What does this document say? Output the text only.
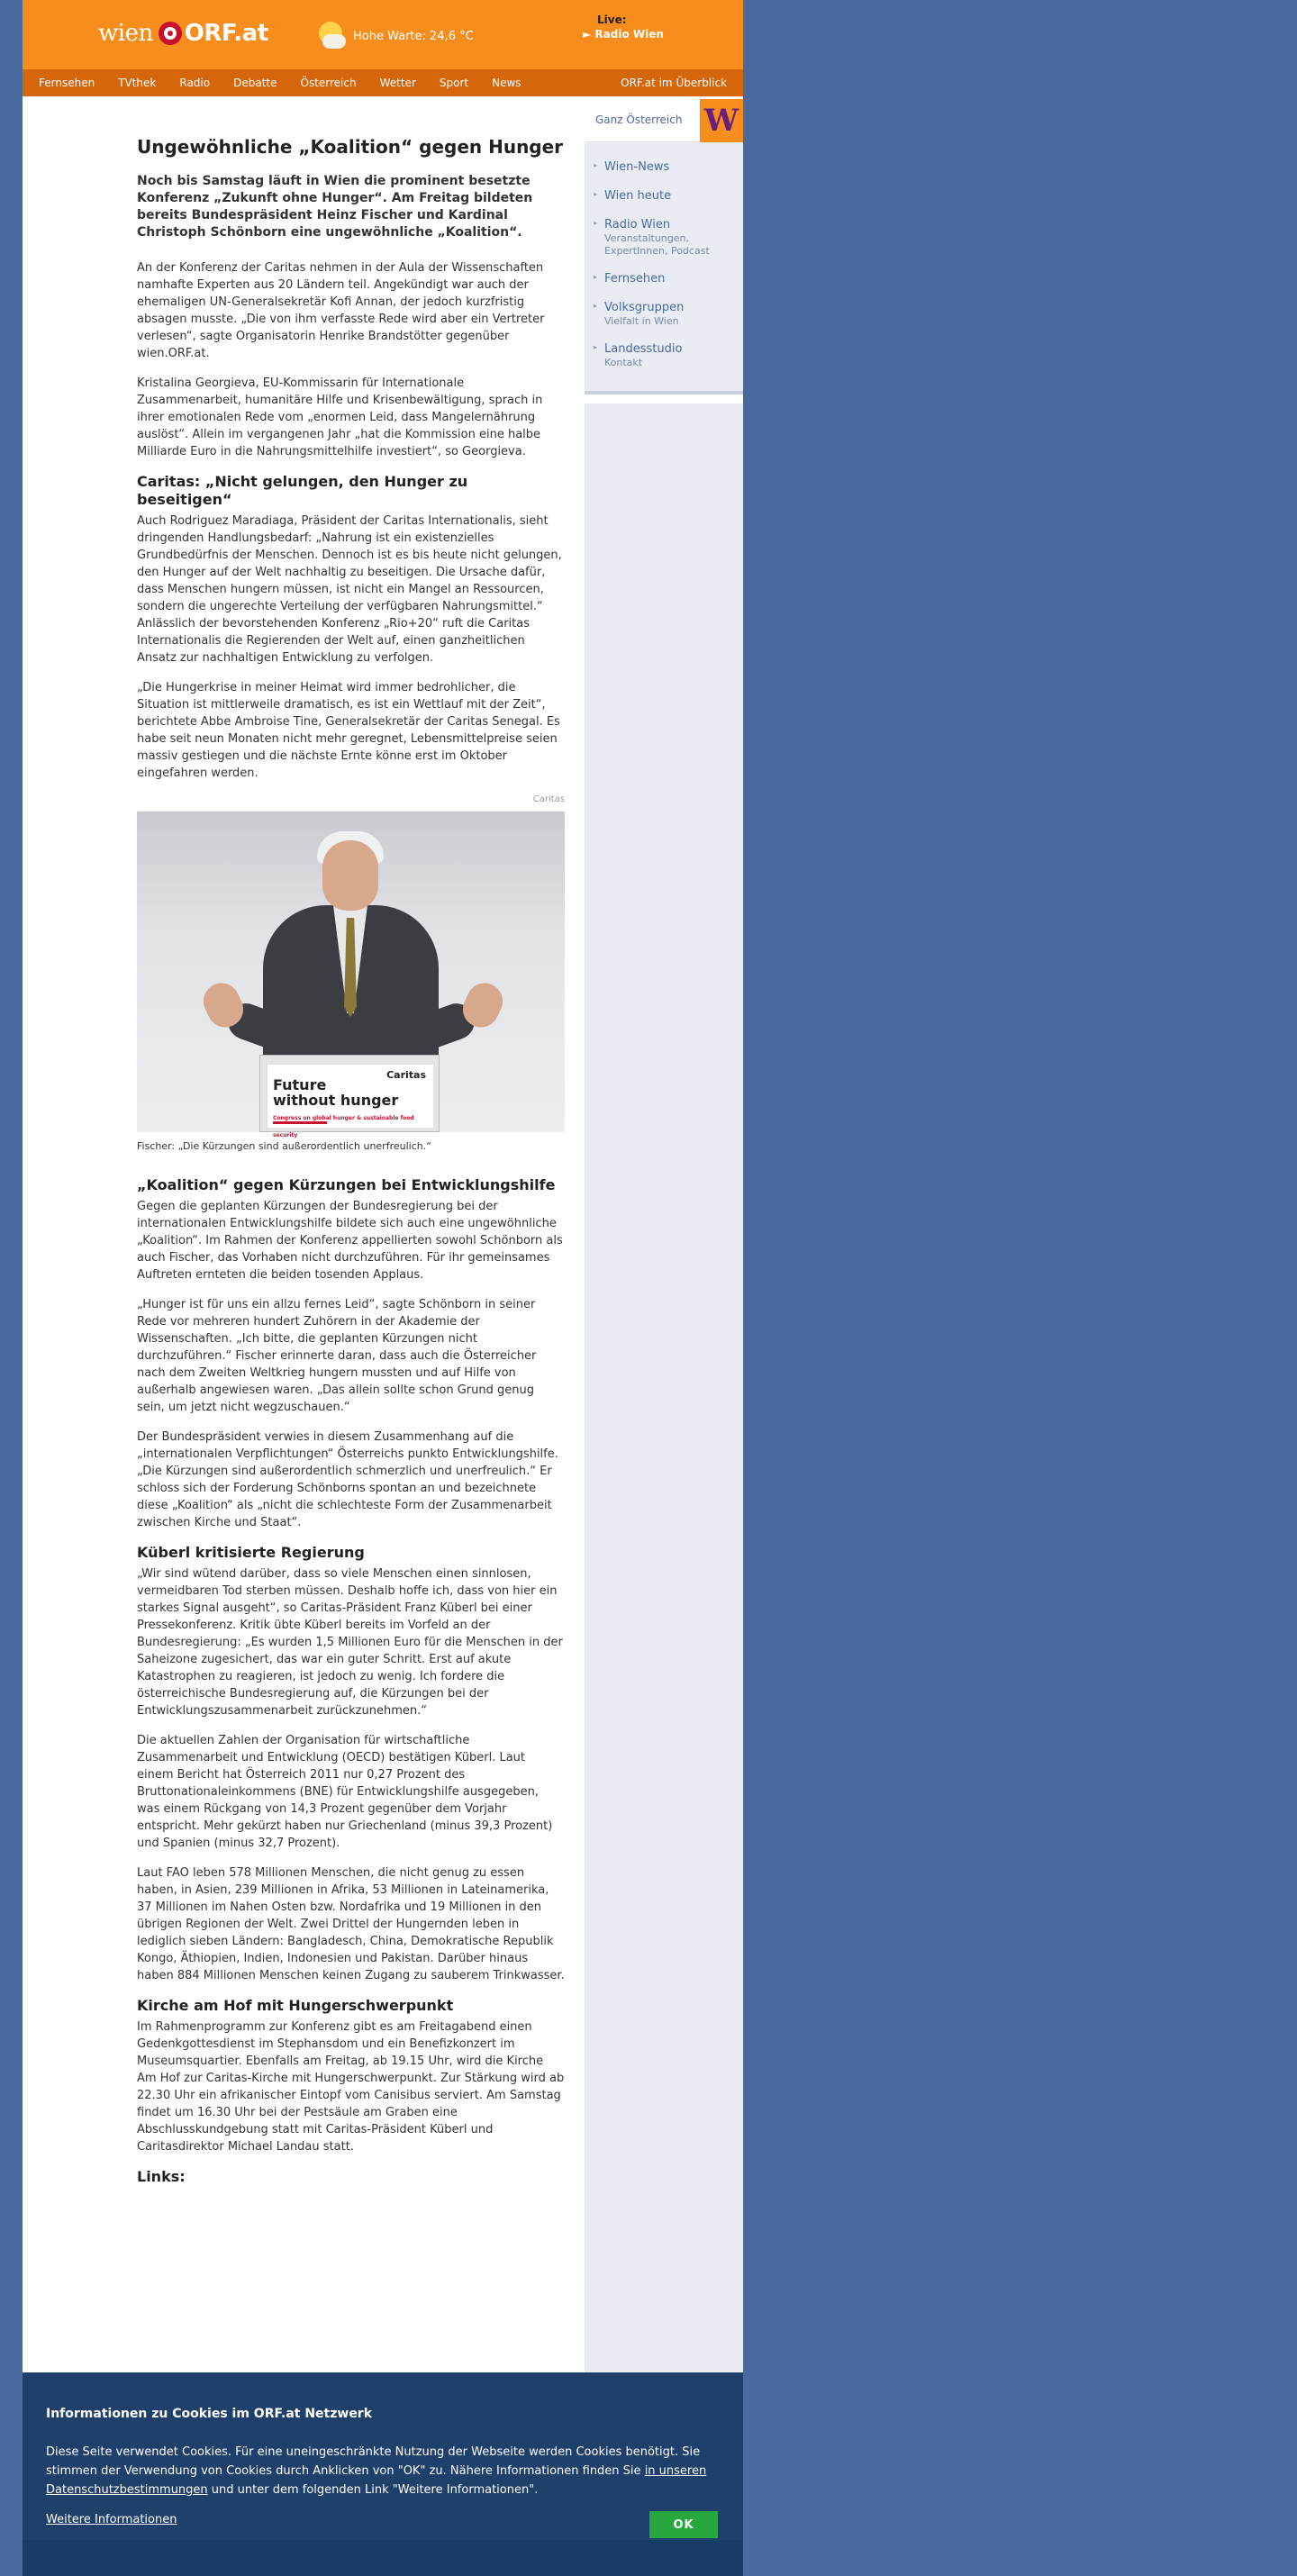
wien ORF.at	Hohe Warte: 24,6 °C
Live:
► Radio Wien
Fernsehen TVthek Radio Debatte Österreich Wetter Sport News	ORF.at im Überblick
Ganz Österreich W
▸ Wien-News
▸ Wien heute
▸ Radio Wien
Veranstaltungen, ExpertInnen, Podcast
▸ Fernsehen
▸ Volksgruppen
Vielfalt in Wien
▸ Landesstudio
Kontakt
Ungewöhnliche „Koalition“ gegen Hunger
Noch bis Samstag läuft in Wien die prominent besetzte Konferenz „Zukunft ohne Hunger“. Am Freitag bildeten bereits Bundespräsident Heinz Fischer und Kardinal Christoph Schönborn eine ungewöhnliche „Koalition“.

An der Konferenz der Caritas nehmen in der Aula der Wissenschaften namhafte Experten aus 20 Ländern teil. Angekündigt war auch der ehemaligen UN-Generalsekretär Kofi Annan, der jedoch kurzfristig absagen musste. „Die von ihm verfasste Rede wird aber ein Vertreter verlesen“, sagte Organisatorin Henrike Brandstötter gegenüber wien.ORF.at.

Kristalina Georgieva, EU-Kommissarin für Internationale Zusammenarbeit, humanitäre Hilfe und Krisenbewältigung, sprach in ihrer emotionalen Rede vom „enormen Leid, dass Mangelernährung auslöst“. Allein im vergangenen Jahr „hat die Kommission eine halbe Milliarde Euro in die Nahrungsmittelhilfe investiert“, so Georgieva.

Caritas: „Nicht gelungen, den Hunger zu beseitigen“

Auch Rodriguez Maradiaga, Präsident der Caritas Internationalis, sieht dringenden Handlungsbedarf: „Nahrung ist ein existenzielles Grundbedürfnis der Menschen. Dennoch ist es bis heute nicht gelungen, den Hunger auf der Welt nachhaltig zu beseitigen. Die Ursache dafür, dass Menschen hungern müssen, ist nicht ein Mangel an Ressourcen, sondern die ungerechte Verteilung der verfügbaren Nahrungsmittel.“ Anlässlich der bevorstehenden Konferenz „Rio+20“ ruft die Caritas Internationalis die Regierenden der Welt auf, einen ganzheitlichen Ansatz zur nachhaltigen Entwicklung zu verfolgen.

„Die Hungerkrise in meiner Heimat wird immer bedrohlicher, die Situation ist mittlerweile dramatisch, es ist ein Wettlauf mit der Zeit“, berichtete Abbe Ambroise Tine, Generalsekretär der Caritas Senegal. Es habe seit neun Monaten nicht mehr geregnet, Lebensmittelpreise seien massiv gestiegen und die nächste Ernte könne erst im Oktober eingefahren werden.

Caritas
Caritas
Future
without hunger
Congress on global hunger & sustainable food security
Fischer: „Die Kürzungen sind außerordentlich unerfreulich.“
„Koalition“ gegen Kürzungen bei Entwicklungshilfe

Gegen die geplanten Kürzungen der Bundesregierung bei der internationalen Entwicklungshilfe bildete sich auch eine ungewöhnliche „Koalition“. Im Rahmen der Konferenz appellierten sowohl Schönborn als auch Fischer, das Vorhaben nicht durchzuführen. Für ihr gemeinsames Auftreten ernteten die beiden tosenden Applaus.

„Hunger ist für uns ein allzu fernes Leid“, sagte Schönborn in seiner Rede vor mehreren hundert Zuhörern in der Akademie der Wissenschaften. „Ich bitte, die geplanten Kürzungen nicht durchzuführen.“ Fischer erinnerte daran, dass auch die Österreicher nach dem Zweiten Weltkrieg hungern mussten und auf Hilfe von außerhalb angewiesen waren. „Das allein sollte schon Grund genug sein, um jetzt nicht wegzuschauen.“

Der Bundespräsident verwies in diesem Zusammenhang auf die „internationalen Verpflichtungen“ Österreichs punkto Entwicklungshilfe. „Die Kürzungen sind außerordentlich schmerzlich und unerfreulich.“ Er schloss sich der Forderung Schönborns spontan an und bezeichnete diese „Koalition“ als „nicht die schlechteste Form der Zusammenarbeit zwischen Kirche und Staat“.

Küberl kritisierte Regierung

„Wir sind wütend darüber, dass so viele Menschen einen sinnlosen, vermeidbaren Tod sterben müssen. Deshalb hoffe ich, dass von hier ein starkes Signal ausgeht“, so Caritas-Präsident Franz Küberl bei einer Pressekonferenz. Kritik übte Küberl bereits im Vorfeld an der Bundesregierung: „Es wurden 1,5 Millionen Euro für die Menschen in der Saheizone zugesichert, das war ein guter Schritt. Erst auf akute Katastrophen zu reagieren, ist jedoch zu wenig. Ich fordere die österreichische Bundesregierung auf, die Kürzungen bei der Entwicklungszusammenarbeit zurückzunehmen.“

Die aktuellen Zahlen der Organisation für wirtschaftliche Zusammenarbeit und Entwicklung (OECD) bestätigen Küberl. Laut einem Bericht hat Österreich 2011 nur 0,27 Prozent des Bruttonationaleinkommens (BNE) für Entwicklungshilfe ausgegeben, was einem Rückgang von 14,3 Prozent gegenüber dem Vorjahr entspricht. Mehr gekürzt haben nur Griechenland (minus 39,3 Prozent) und Spanien (minus 32,7 Prozent).

Laut FAO leben 578 Millionen Menschen, die nicht genug zu essen haben, in Asien, 239 Millionen in Afrika, 53 Millionen in Lateinamerika, 37 Millionen im Nahen Osten bzw. Nordafrika und 19 Millionen in den übrigen Regionen der Welt. Zwei Drittel der Hungernden leben in lediglich sieben Ländern: Bangladesch, China, Demokratische Republik Kongo, Äthiopien, Indien, Indonesien und Pakistan. Darüber hinaus haben 884 Millionen Menschen keinen Zugang zu sauberem Trinkwasser.

Kirche am Hof mit Hungerschwerpunkt

Im Rahmenprogramm zur Konferenz gibt es am Freitagabend einen Gedenkgottesdienst im Stephansdom und ein Benefizkonzert im Museumsquartier. Ebenfalls am Freitag, ab 19.15 Uhr, wird die Kirche Am Hof zur Caritas-Kirche mit Hungerschwerpunkt. Zur Stärkung wird ab 22.30 Uhr ein afrikanischer Eintopf vom Canisibus serviert. Am Samstag findet um 16.30 Uhr bei der Pestsäule am Graben eine Abschlusskundgebung statt mit Caritas-Präsident Küberl und Caritasdirektor Michael Landau statt.

Links:
Informationen zu Cookies im ORF.at Netzwerk
Diese Seite verwendet Cookies. Für eine uneingeschränkte Nutzung der Webseite werden Cookies benötigt. Sie stimmen der Verwendung von Cookies durch Anklicken von "OK" zu. Nähere Informationen finden Sie in unseren Datenschutzbestimmungen und unter dem folgenden Link "Weitere Informationen".
Weitere Informationen	OK
